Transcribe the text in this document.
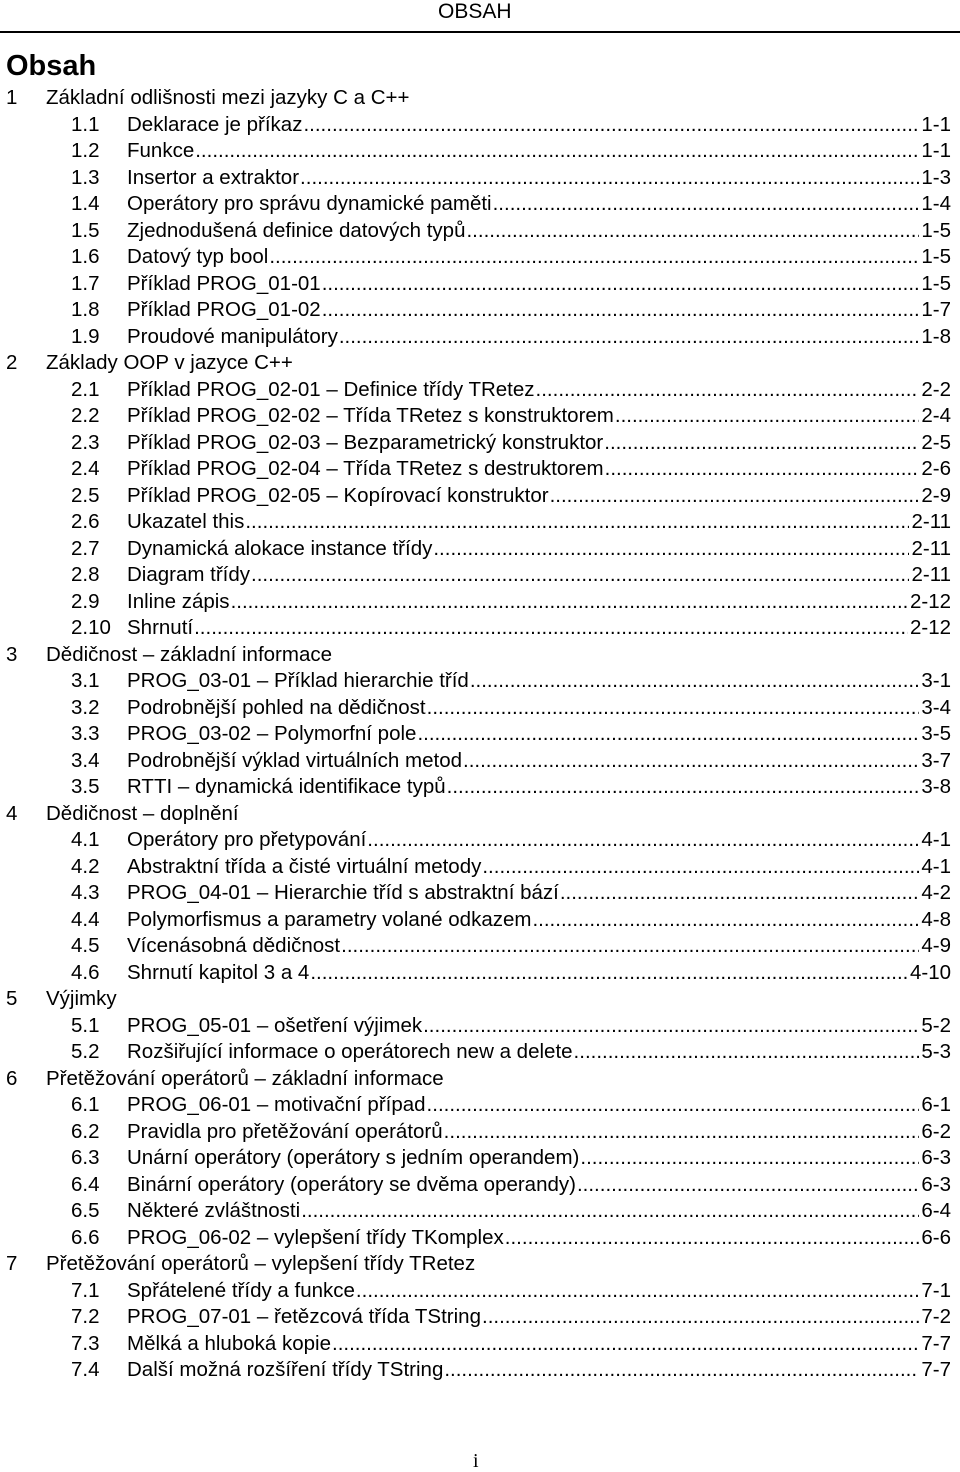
OBSAH
Obsah
1 Základní odlišnosti mezi jazyky C a C++
1.1 Deklarace je příkaz .....	1-1
1.2 Funkce .....	1-1
1.3 Insertor a extraktor .....	1-3
1.4 Operátory pro správu dynamické paměti .....	1-4
1.5 Zjednodušená definice datových typů .....	1-5
1.6 Datový typ bool .....	1-5
1.7 Příklad PROG_01-01 .....	1-5
1.8 Příklad PROG_01-02 .....	1-7
1.9 Proudové manipulátory .....	1-8
2 Základy OOP v jazyce C++
2.1 Příklad PROG_02-01 – Definice třídy TRetez .....	2-2
2.2 Příklad PROG_02-02 – Třída TRetez s konstruktorem .....	2-4
2.3 Příklad PROG_02-03 – Bezparametrický konstruktor .....	2-5
2.4 Příklad PROG_02-04 – Třída TRetez s destruktorem .....	2-6
2.5 Příklad PROG_02-05 – Kopírovací konstruktor .....	2-9
2.6 Ukazatel this .....	2-11
2.7 Dynamická alokace instance třídy .....	2-11
2.8 Diagram třídy .....	2-11
2.9 Inline zápis .....	2-12
2.10 Shrnutí .....	2-12
3 Dědičnost – základní informace
3.1 PROG_03-01 – Příklad hierarchie tříd .....	3-1
3.2 Podrobnější pohled na dědičnost .....	3-4
3.3 PROG_03-02 – Polymorfní pole .....	3-5
3.4 Podrobnější výklad virtuálních metod .....	3-7
3.5 RTTI – dynamická identifikace typů .....	3-8
4 Dědičnost – doplnění
4.1 Operátory pro přetypování .....	4-1
4.2 Abstraktní třída a čisté virtuální metody .....	4-1
4.3 PROG_04-01 – Hierarchie tříd s abstraktní bází .....	4-2
4.4 Polymorfismus a parametry volané odkazem .....	4-8
4.5 Vícenásobná dědičnost .....	4-9
4.6 Shrnutí kapitol 3 a 4 .....	4-10
5 Výjimky
5.1 PROG_05-01 – ošetření výjimek .....	5-2
5.2 Rozšiřující informace o operátorech new a delete .....	5-3
6 Přetěžování operátorů – základní informace
6.1 PROG_06-01 – motivační případ .....	6-1
6.2 Pravidla pro přetěžování operátorů .....	6-2
6.3 Unární operátory (operátory s jedním operandem) .....	6-3
6.4 Binární operátory (operátory se dvěma operandy) .....	6-3
6.5 Některé zvláštnosti .....	6-4
6.6 PROG_06-02 – vylepšení třídy TKomplex .....	6-6
7 Přetěžování operátorů – vylepšení třídy TRetez
7.1 Spřátelené třídy a funkce .....	7-1
7.2 PROG_07-01 – řetězcová třída TString .....	7-2
7.3 Mělká a hluboká kopie .....	7-7
7.4 Další možná rozšíření třídy TString .....	7-7
i
